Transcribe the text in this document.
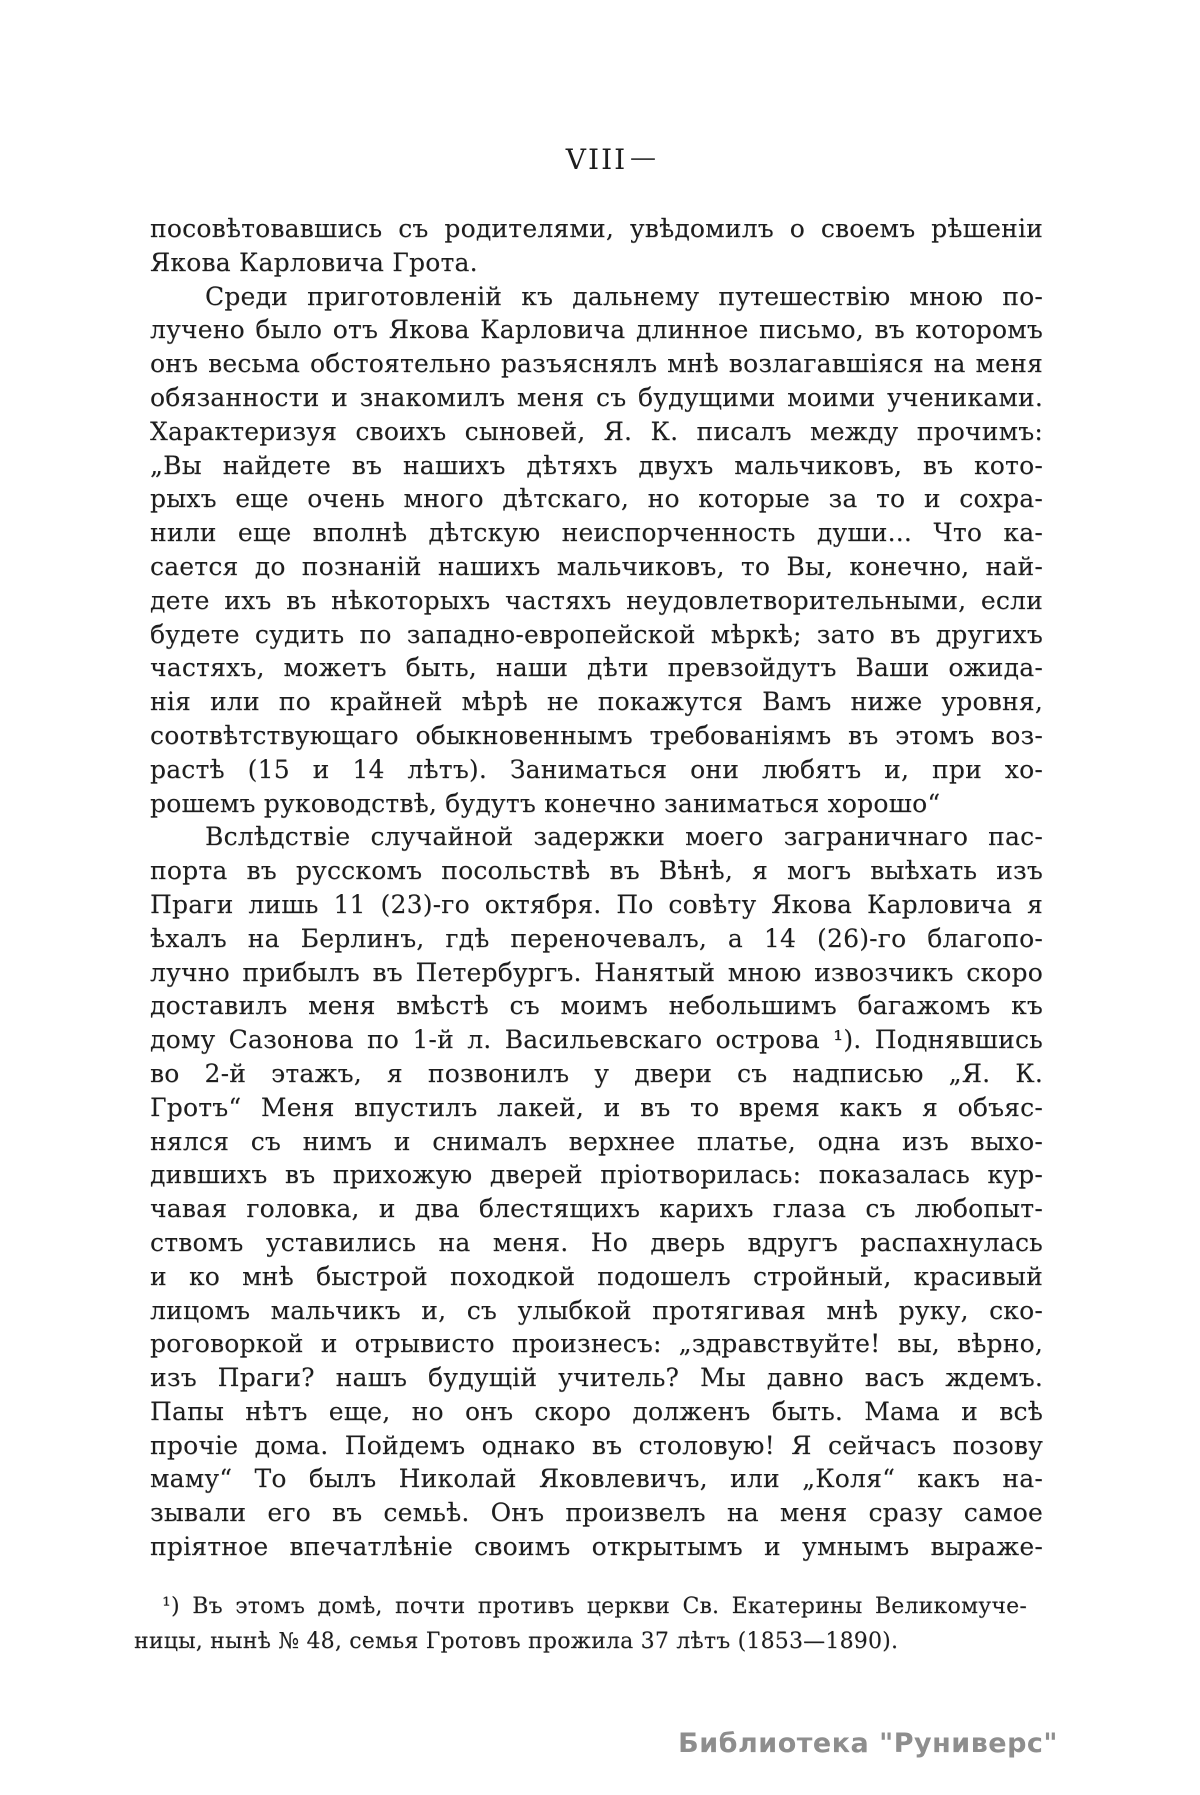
VIII —
посовѣтовавшись съ родителями, увѣдомилъ о своемъ рѣшеніи
Якова Карловича Грота.
Среди приготовленій къ дальнему путешествію мною по-
лучено было отъ Якова Карловича длинное письмо, въ которомъ
онъ весьма обстоятельно разъяснялъ мнѣ возлагавшіяся на меня
обязанности и знакомилъ меня съ будущими моими учениками.
Характеризуя своихъ сыновей, Я. К. писалъ между прочимъ:
„Вы найдете въ нашихъ дѣтяхъ двухъ мальчиковъ, въ кото-
рыхъ еще очень много дѣтскаго, но которые за то и сохра-
нили еще вполнѣ дѣтскую неиспорченность души... Что ка-
сается до познаній нашихъ мальчиковъ, то Вы, конечно, най-
дете ихъ въ нѣкоторыхъ частяхъ неудовлетворительными, если
будете судить по западно-европейской мѣркѣ; зато въ другихъ
частяхъ, можетъ быть, наши дѣти превзойдутъ Ваши ожида-
нія или по крайней мѣрѣ не покажутся Вамъ ниже уровня,
соотвѣтствующаго обыкновеннымъ требованіямъ въ этомъ воз-
растѣ (15 и 14 лѣтъ). Заниматься они любятъ и, при хо-
рошемъ руководствѣ, будутъ конечно заниматься хорошо“
Вслѣдствіе случайной задержки моего заграничнаго пас-
порта въ русскомъ посольствѣ въ Вѣнѣ, я могъ выѣхать изъ
Праги лишь 11 (23)-го октября. По совѣту Якова Карловича я
ѣхалъ на Берлинъ, гдѣ переночевалъ, а 14 (26)-го благопо-
лучно прибылъ въ Петербургъ. Нанятый мною извозчикъ скоро
доставилъ меня вмѣстѣ съ моимъ небольшимъ багажомъ къ
дому Сазонова по 1-й л. Васильевскаго острова ¹). Поднявшись
во 2-й этажъ, я позвонилъ у двери съ надписью „Я. К.
Гротъ“ Меня впустилъ лакей, и въ то время какъ я объяс-
нялся съ нимъ и снималъ верхнее платье, одна изъ выхо-
дившихъ въ прихожую дверей пріотворилась: показалась кур-
чавая головка, и два блестящихъ карихъ глаза съ любопыт-
ствомъ уставились на меня. Но дверь вдругъ распахнулась
и ко мнѣ быстрой походкой подошелъ стройный, красивый
лицомъ мальчикъ и, съ улыбкой протягивая мнѣ руку, ско-
роговоркой и отрывисто произнесъ: „здравствуйте! вы, вѣрно,
изъ Праги? нашъ будущій учитель? Мы давно васъ ждемъ.
Папы нѣтъ еще, но онъ скоро долженъ быть. Мама и всѣ
прочіе дома. Пойдемъ однако въ столовую! Я сейчасъ позову
маму“ То былъ Николай Яковлевичъ, или „Коля“ какъ на-
зывали его въ семьѣ. Онъ произвелъ на меня сразу самое
пріятное впечатлѣніе своимъ открытымъ и умнымъ выраже-
¹) Въ этомъ домѣ, почти противъ церкви Св. Екатерины Великомуче-
ницы, нынѣ № 48, семья Гротовъ прожила 37 лѣтъ (1853—1890).
Библиотека "Руниверс"
